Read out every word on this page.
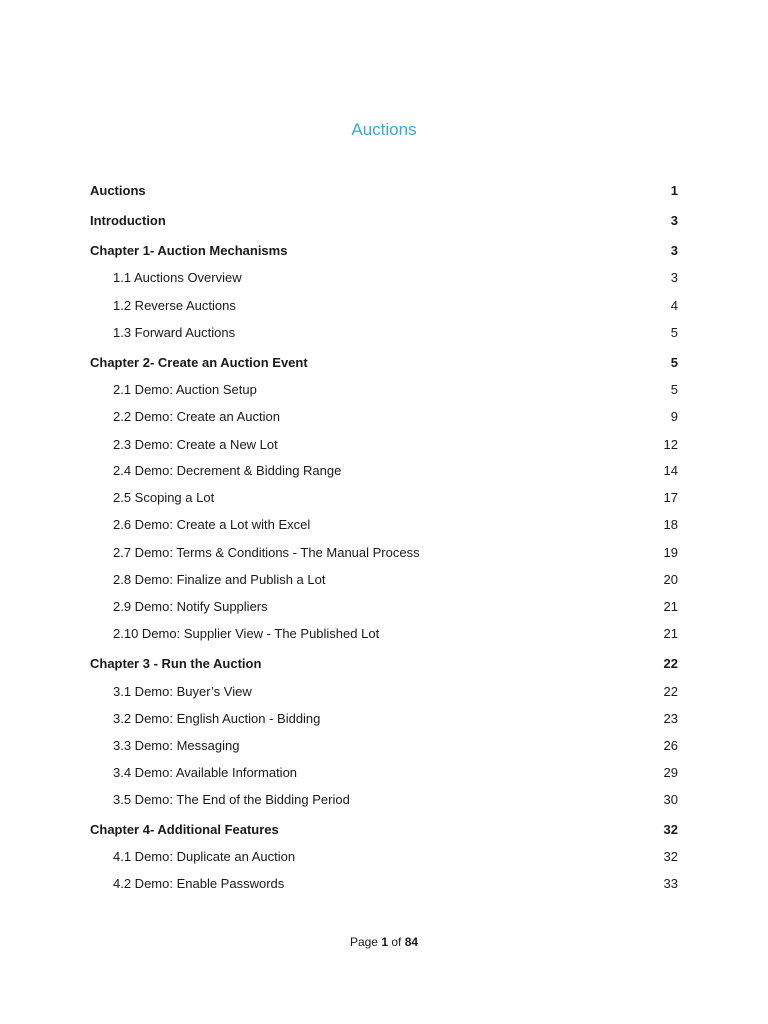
Auctions
Auctions	1
Introduction	3
Chapter 1- Auction Mechanisms	3
1.1 Auctions Overview	3
1.2 Reverse Auctions	4
1.3 Forward Auctions	5
Chapter 2- Create an Auction Event	5
2.1 Demo: Auction Setup	5
2.2 Demo: Create an Auction	9
2.3 Demo: Create a New Lot	12
2.4 Demo: Decrement & Bidding Range	14
2.5 Scoping a Lot	17
2.6 Demo: Create a Lot with Excel	18
2.7 Demo: Terms & Conditions - The Manual Process	19
2.8 Demo: Finalize and Publish a Lot	20
2.9 Demo: Notify Suppliers	21
2.10 Demo: Supplier View - The Published Lot	21
Chapter 3 - Run the Auction	22
3.1 Demo: Buyer’s View	22
3.2 Demo: English Auction - Bidding	23
3.3 Demo: Messaging	26
3.4 Demo: Available Information	29
3.5 Demo: The End of the Bidding Period	30
Chapter 4- Additional Features	32
4.1 Demo: Duplicate an Auction	32
4.2 Demo: Enable Passwords	33
Page 1 of 84
